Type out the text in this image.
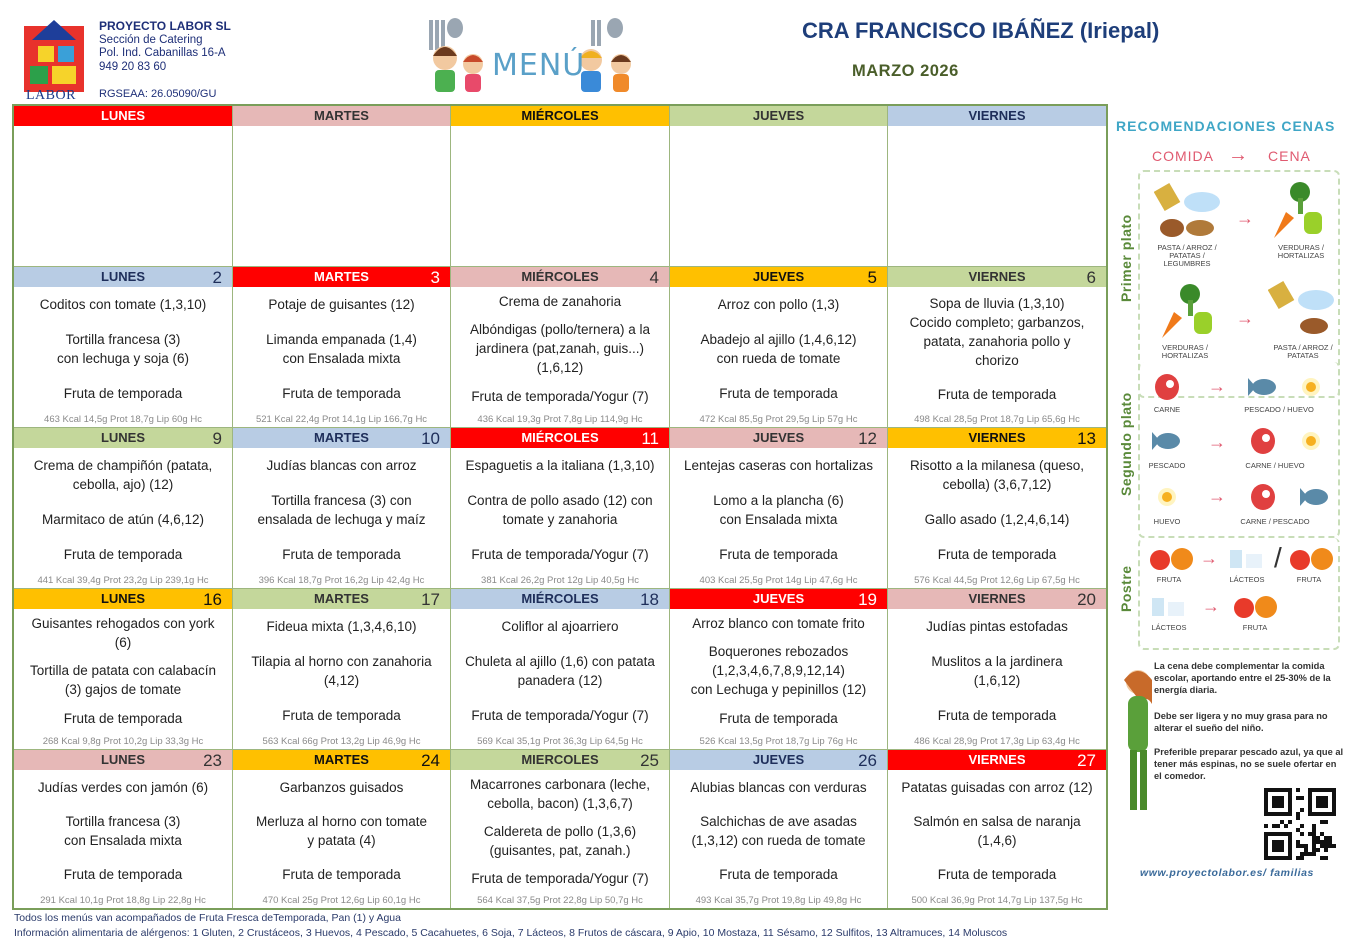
LABOR
PROYECTO LABOR SL
Sección de Catering
Pol. Ind. Cabanillas 16-A
949 20 83 60
RGSEAA: 26.05090/GU
MENÚ
CRA FRANCISCO IBÁÑEZ (Iriepal)
MARZO 2026
LUNES	MARTES	MIÉRCOLES	JUEVES	VIERNES
LUNES	2
Coditos con tomate (1,3,10)
Tortilla francesa (3)
con lechuga y soja (6)
Fruta de temporada
463 Kcal 14,5g Prot 18,7g Lip 60g Hc
MARTES	3
Potaje de guisantes (12)
Limanda empanada (1,4)
con Ensalada mixta
Fruta de temporada
521 Kcal 22,4g Prot 14,1g Lip 166,7g Hc
MIÉRCOLES	4
Crema de zanahoria
Albóndigas (pollo/ternera) a la
jardinera (pat,zanah, guis...)
(1,6,12)
Fruta de temporada/Yogur (7)
436 Kcal 19,3g Prot 7,8g Lip 114,9g Hc
JUEVES	5
Arroz con pollo (1,3)
Abadejo al ajillo (1,4,6,12)
con rueda de tomate
Fruta de temporada
472 Kcal 85,5g Prot 29,5g Lip 57g Hc
VIERNES	6
Sopa de lluvia (1,3,10)
Cocido completo; garbanzos,
patata, zanahoria pollo y
chorizo
Fruta de temporada
498 Kcal 28,5g Prot 18,7g Lip 65,6g Hc
LUNES	9
Crema de champiñón (patata,
cebolla, ajo) (12)
Marmitaco de atún (4,6,12)
Fruta de temporada
441 Kcal 39,4g Prot 23,2g Lip 239,1g Hc
MARTES	10
Judías blancas con arroz
Tortilla francesa (3) con
ensalada de lechuga y maíz
Fruta de temporada
396 Kcal 18,7g Prot 16,2g Lip 42,4g Hc
MIÉRCOLES	11
Espaguetis a la italiana (1,3,10)
Contra de pollo asado (12) con
tomate y zanahoria
Fruta de temporada/Yogur (7)
381 Kcal 26,2g Prot 12g Lip 40,5g Hc
JUEVES	12
Lentejas caseras con hortalizas
Lomo a la plancha (6)
con Ensalada mixta
Fruta de temporada
403 Kcal 25,5g Prot 14g Lip 47,6g Hc
VIERNES	13
Risotto a la milanesa (queso,
cebolla) (3,6,7,12)
Gallo asado (1,2,4,6,14)
Fruta de temporada
576 Kcal 44,5g Prot 12,6g Lip 67,5g Hc
LUNES	16
Guisantes rehogados con york
(6)
Tortilla de patata con calabacín
(3) gajos de tomate
Fruta de temporada
268 Kcal 9,8g Prot 10,2g Lip 33,3g Hc
MARTES	17
Fideua mixta (1,3,4,6,10)
Tilapia al horno con zanahoria
(4,12)
Fruta de temporada
563 Kcal 66g Prot 13,2g Lip 46,9g Hc
MIÉRCOLES 18
Coliflor al ajoarriero
Chuleta al ajillo (1,6) con patata
panadera (12)
Fruta de temporada/Yogur (7)
569 Kcal 35,1g Prot 36,3g Lip 64,5g Hc
JUEVES	19
Arroz blanco con tomate frito
Boquerones rebozados
(1,2,3,4,6,7,8,9,12,14)
con Lechuga y pepinillos (12)
Fruta de temporada
526 Kcal 13,5g Prot 18,7g Lip 76g Hc
VIERNES	20
Judías pintas estofadas
Muslitos a la jardinera
(1,6,12)
Fruta de temporada
486 Kcal 28,9g Prot 17,3g Lip 63,4g Hc
LUNES	23
Judías verdes con jamón (6)
Tortilla francesa (3)
con Ensalada mixta
Fruta de temporada
291 Kcal 10,1g Prot 18,8g Lip 22,8g Hc
MARTES	24
Garbanzos guisados
Merluza al horno con tomate
y patata (4)
Fruta de temporada
470 Kcal 25g Prot 12,6g Lip 60,1g Hc
MIERCOLES 25
Macarrones carbonara (leche,
cebolla, bacon) (1,3,6,7)
Caldereta de pollo (1,3,6)
(guisantes, pat, zanah.)
Fruta de temporada/Yogur (7)
564 Kcal 37,5g Prot 22,8g Lip 50,7g Hc
JUEVES	26
Alubias blancas con verduras
Salchichas de ave asadas
(1,3,12) con rueda de tomate
Fruta de temporada
493 Kcal 35,7g Prot 19,8g Lip 49,8g Hc
VIERNES	27
Patatas guisadas con arroz (12)
Salmón en salsa de naranja
(1,4,6)
Fruta de temporada
500 Kcal 36,9g Prot 14,7g Lip 137,5g Hc
RECOMENDACIONES CENAS
COMIDA → CENA
PASTA / ARROZ / PATATAS / LEGUMBRES
→
VERDURAS / HORTALIZAS
VERDURAS / HORTALIZAS
→
PASTA / ARROZ / PATATAS
Primer plato
CARNE
→
PESCADO / HUEVO
PESCADO
→
CARNE / HUEVO
HUEVO
→
CARNE / PESCADO
Segundo plato
FRUTA
→
LÁCTEOS
/
FRUTA
LÁCTEOS
→
FRUTA
Postre
La cena debe complementar la comida escolar, aportando entre el 25-30% de la energía diaria.
Debe ser ligera y no muy grasa para no alterar el sueño del niño.
Preferible preparar pescado azul, ya que al tener más espinas, no se suele ofertar en el comedor.
www.proyectolabor.es/ familias
Todos los menús van acompañados de Fruta Fresca deTemporada, Pan (1) y Agua
Información alimentaria de alérgenos: 1 Gluten, 2 Crustáceos, 3 Huevos, 4 Pescado, 5 Cacahuetes, 6 Soja, 7 Lácteos, 8 Frutos de cáscara, 9 Apio, 10 Mostaza, 11 Sésamo, 12 Sulfitos, 13 Altramuces, 14 Moluscos
